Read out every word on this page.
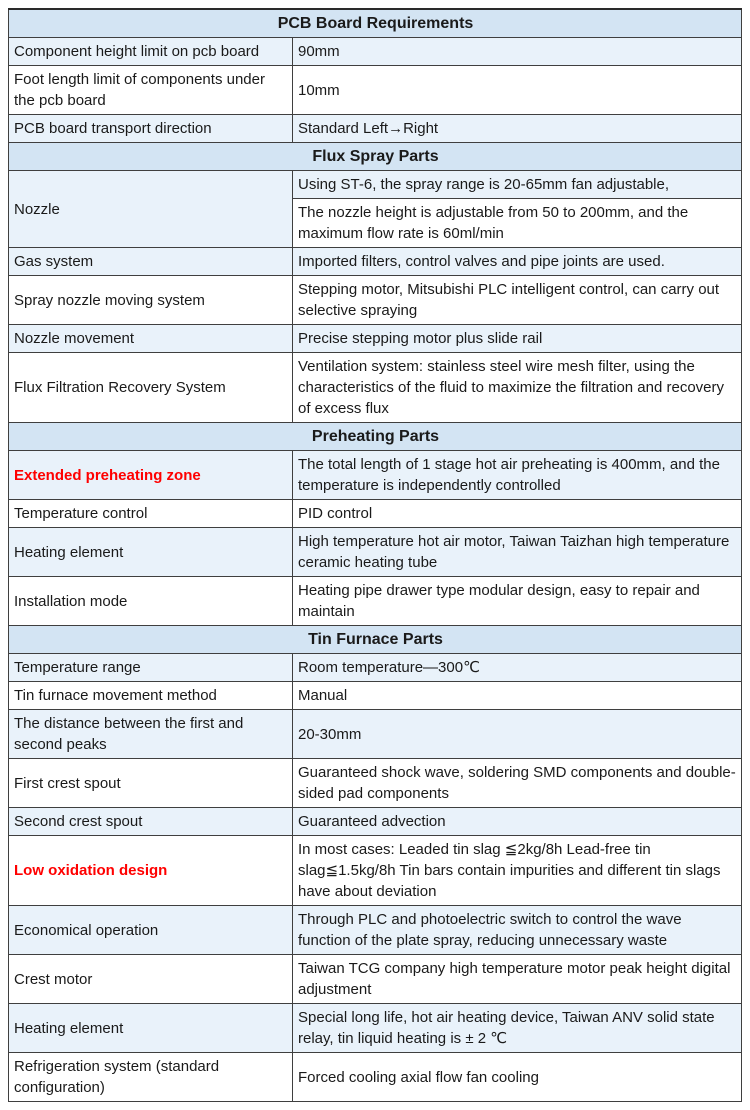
PCB Board Requirements	
Component height limit on pcb board	90mm
Foot length limit of components under the pcb board	10mm
PCB board transport direction	Standard Left→Right
Flux Spray Parts	
Nozzle	Using ST-6, the spray range is 20-65mm fan adjustable,
	The nozzle height is adjustable from 50 to 200mm, and the maximum flow rate is 60ml/min
Gas system	Imported filters, control valves and pipe joints are used.
Spray nozzle moving system	Stepping motor, Mitsubishi PLC intelligent control, can carry out selective spraying
Nozzle movement	Precise stepping motor plus slide rail
Flux Filtration Recovery System	Ventilation system: stainless steel wire mesh filter, using the characteristics of the fluid to maximize the filtration and recovery of excess flux
Preheating Parts	
Extended preheating zone	The total length of 1 stage hot air preheating is 400mm, and the temperature is independently controlled
Temperature control	PID control
Heating element	High temperature hot air motor, Taiwan Taizhan high temperature ceramic heating tube
Installation mode	Heating pipe drawer type modular design, easy to repair and maintain
Tin Furnace Parts	
Temperature range	Room temperature—300℃
Tin furnace movement method	Manual
The distance between the first and second peaks	20-30mm
First crest spout	Guaranteed shock wave, soldering SMD components and double-sided pad components
Second crest spout	Guaranteed advection
Low oxidation design	In most cases: Leaded tin slag ≦2kg/8h Lead-free tin slag≦1.5kg/8h Tin bars contain impurities and different tin slags have about deviation
Economical operation	Through PLC and photoelectric switch to control the wave function of the plate spray, reducing unnecessary waste
Crest motor	Taiwan TCG company high temperature motor peak height digital adjustment
Heating element	Special long life, hot air heating device, Taiwan ANV solid state relay, tin liquid heating is ± 2 ℃
Refrigeration system (standard configuration)	Forced cooling axial flow fan cooling
